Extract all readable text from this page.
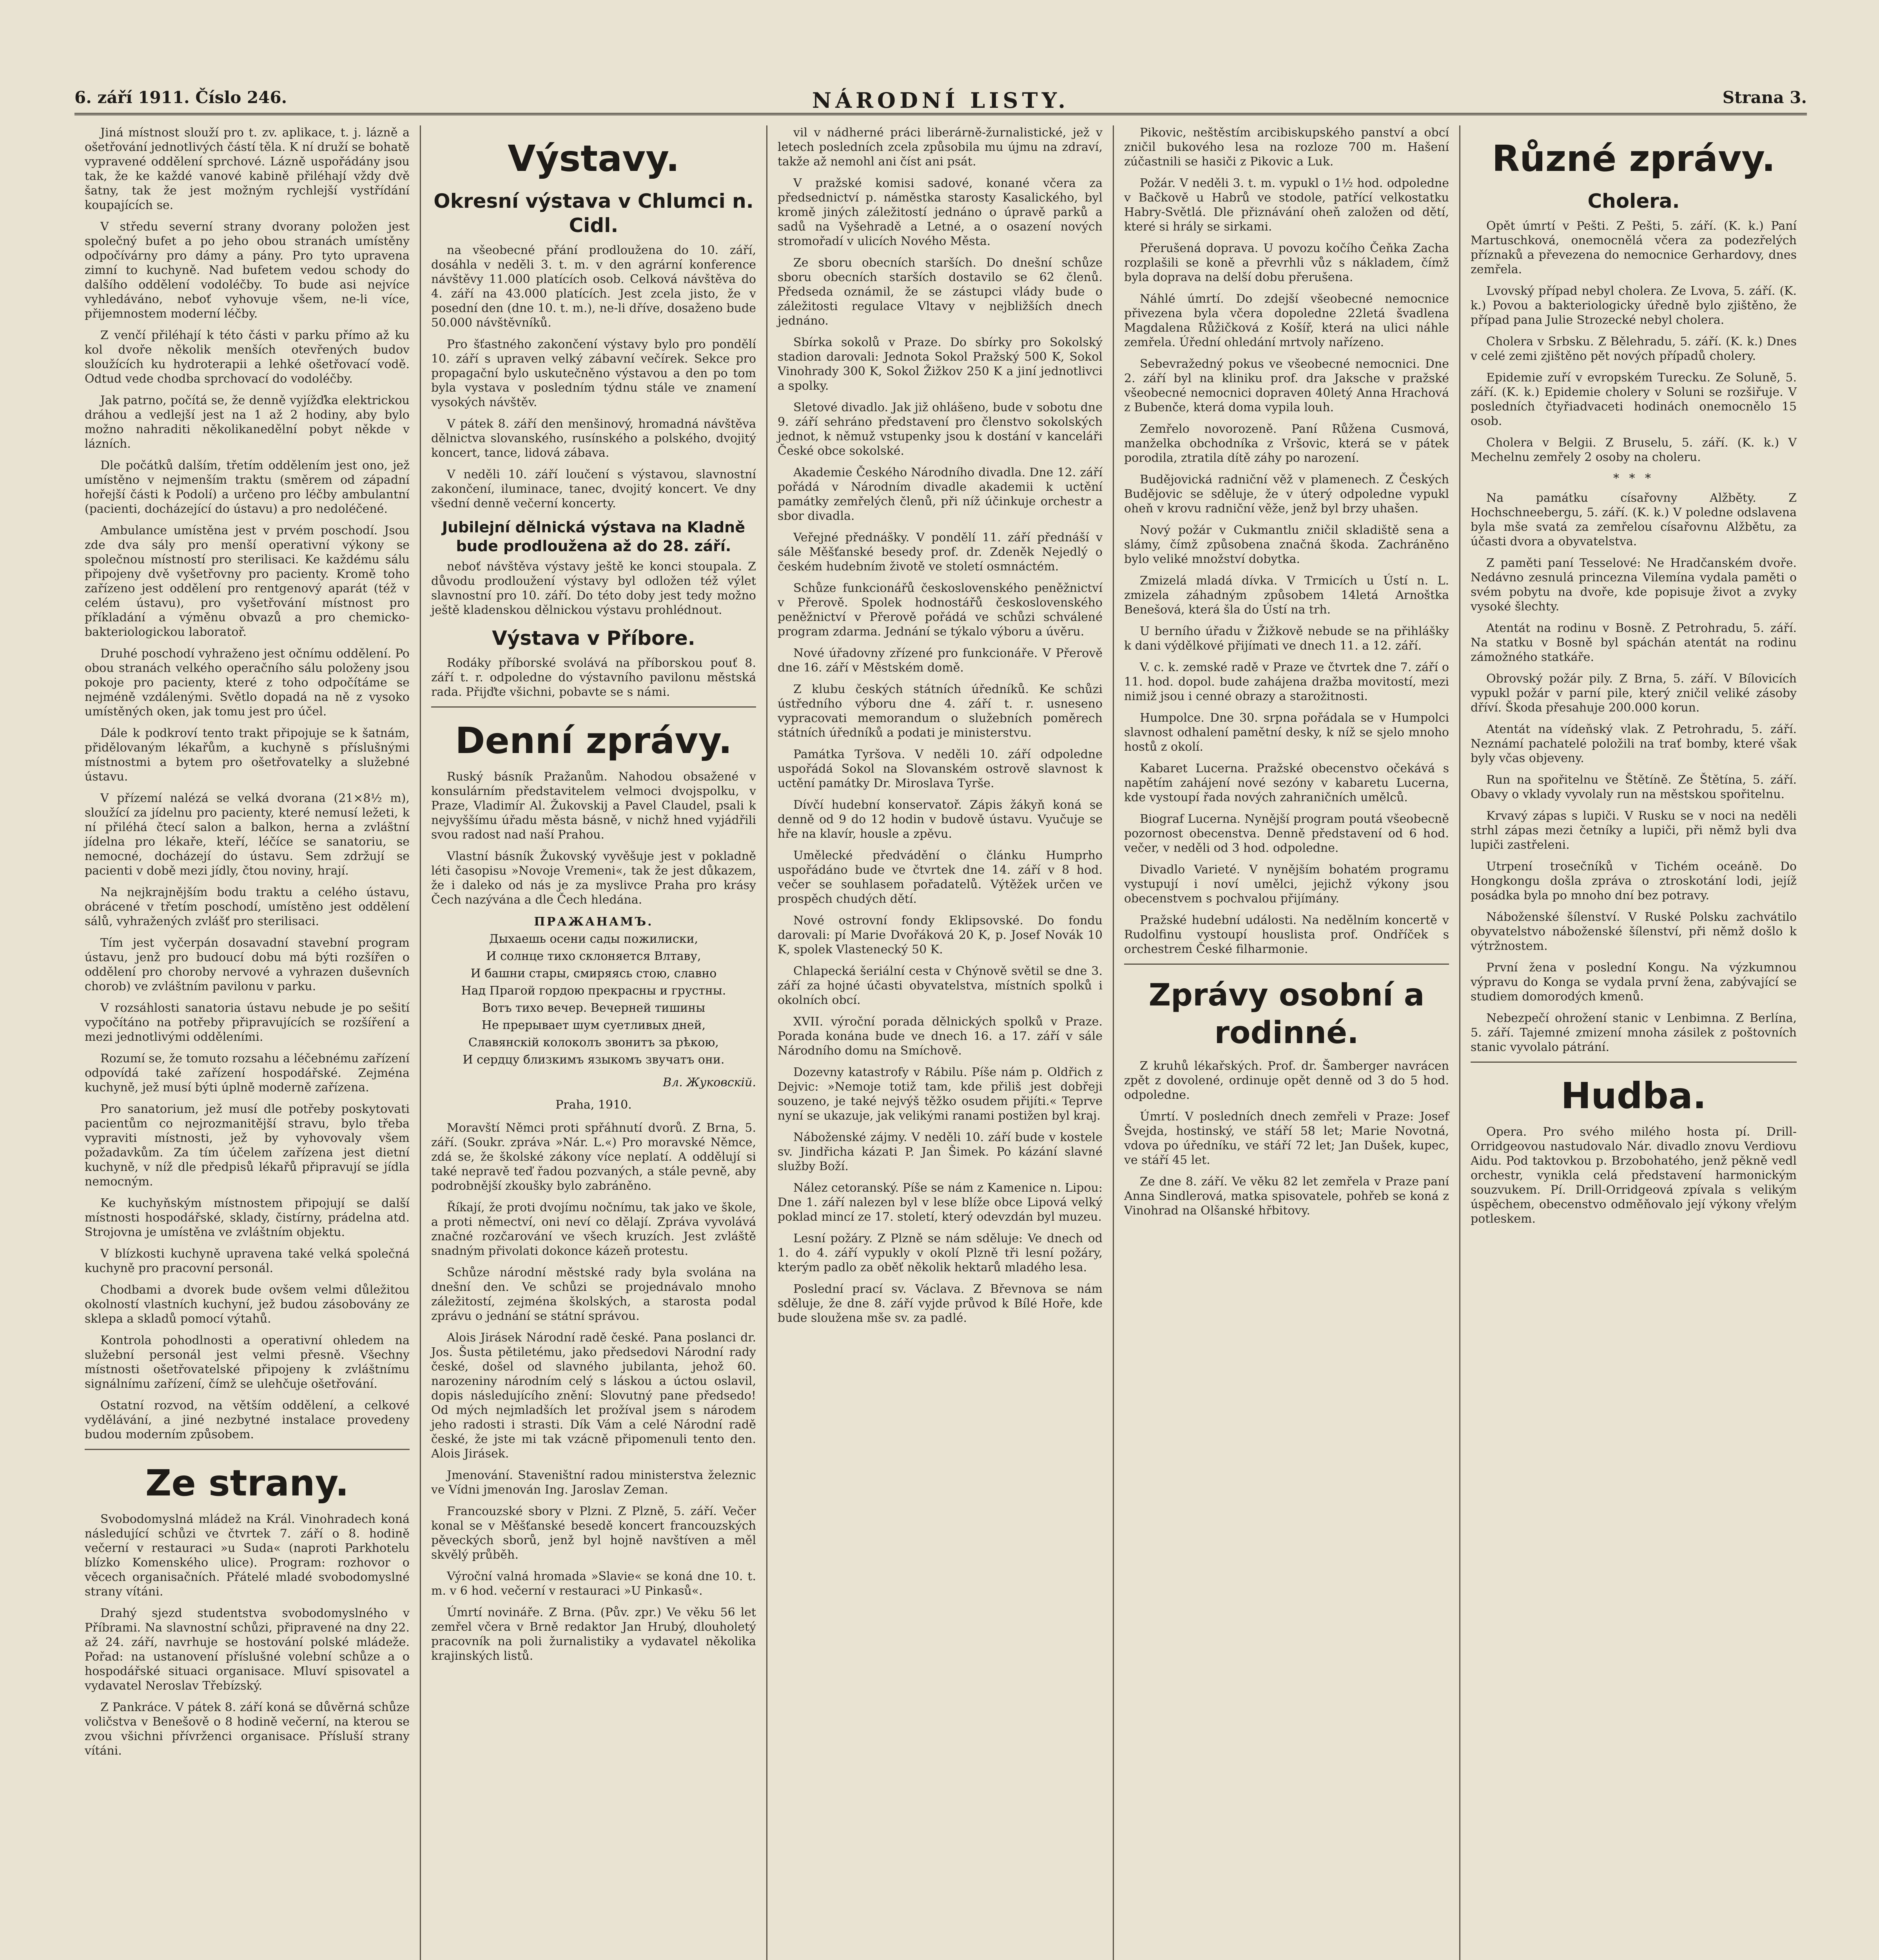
6. září 1911. Číslo 246.	NÁRODNÍ LISTY.	Strana 3.

Jiná místnost slouží pro t. zv. aplikace, t. j. lázně a ošetřování jednotlivých částí těla. K ní druží se bohatě vypravené oddělení sprchové. Lázně uspořádány jsou tak, že ke každé vanové kabině přiléhají vždy dvě šatny, tak že jest možným rychlejší vystřídání koupajících se.

V středu severní strany dvorany položen jest společný bufet a po jeho obou stranách umístěny odpočívárny pro dámy a pány. Pro tyto upravena zimní to kuchyně. Nad bufetem vedou schody do dalšího oddělení vodoléčby. To bude asi nejvíce vyhledáváno, neboť vyhovuje všem, ne-li více, přijemnostem moderní léčby.

Z venčí přiléhají k této části v parku přímo až ku kol dvoře několik menších otevřených budov sloužících ku hydroterapii a lehké ošetřovací vodě. Odtud vede chodba sprchovací do vodoléčby.

Jak patrno, počítá se, že denně vyjížďka elektrickou dráhou a vedlejší jest na 1 až 2 hodiny, aby bylo možno nahraditi několikanedělní pobyt někde v lázních.

Dle počátků dalším, třetím oddělením jest ono, jež umístěno v nejmenším traktu (směrem od západní hořejší části k Podolí) a určeno pro léčby ambulantní (pacienti, docházející do ústavu) a pro nedoléčené.

Ambulance umístěna jest v prvém poschodí. Jsou zde dva sály pro menší operativní výkony se společnou místností pro sterilisaci. Ke každému sálu připojeny dvě vyšetřovny pro pacienty. Kromě toho zařízeno jest oddělení pro rentgenový aparát (též v celém ústavu), pro vyšetřování místnost pro příkladání a výměnu obvazů a pro chemicko-bakteriologickou laboratoř.

Druhé poschodí vyhraženo jest očnímu oddělení. Po obou stranách velkého operačního sálu položeny jsou pokoje pro pacienty, které z toho odpočítáme se nejméně vzdálenými. Světlo dopadá na ně z vysoko umístěných oken, jak tomu jest pro účel.

Dále k podkroví tento trakt připojuje se k šatnám, přidělovaným lékařům, a kuchyně s příslušnými místnostmi a bytem pro ošetřovatelky a služebné ústavu.

V přízemí nalézá se velká dvorana (21×8½ m), sloužící za jídelnu pro pacienty, které nemusí ležeti, k ní přiléhá čtecí salon a balkon, herna a zvláštní jídelna pro lékaře, kteří, léčíce se sanatoriu, se nemocné, docházejí do ústavu. Sem zdržují se pacienti v době mezi jídly, čtou noviny, hrají.

Na nejkrajnějším bodu traktu a celého ústavu, obrácené v třetím poschodí, umístěno jest oddělení sálů, vyhražených zvlášť pro sterilisaci.

Tím jest vyčerpán dosavadní stavební program ústavu, jenž pro budoucí dobu má býti rozšířen o oddělení pro choroby nervové a vyhrazen duševních chorob) ve zvláštním pavilonu v parku.

V rozsáhlosti sanatoria ústavu nebude je po sešití vypočítáno na potřeby připravujících se rozšíření a mezi jednotlivými odděleními.

Rozumí se, že tomuto rozsahu a léčebnému zařízení odpovídá také zařízení hospodářské. Zejména kuchyně, jež musí býti úplně moderně zařízena.

Pro sanatorium, jež musí dle potřeby poskytovati pacientům co nejrozmanitější stravu, bylo třeba vypraviti místnosti, jež by vyhovovaly všem požadavkům. Za tím účelem zařízena jest dietní kuchyně, v níž dle předpisů lékařů připravují se jídla nemocným.

Ke kuchyňským místnostem připojují se další místnosti hospodářské, sklady, čistírny, prádelna atd. Strojovna je umístěna ve zvláštním objektu.

V blízkosti kuchyně upravena také velká společná kuchyně pro pracovní personál.

Chodbami a dvorek bude ovšem velmi důležitou okolností vlastních kuchyní, jež budou zásobovány ze sklepa a skladů pomocí výtahů.

Kontrola pohodlnosti a operativní ohledem na služební personál jest velmi přesně. Všechny místnosti ošetřovatelské připojeny k zvláštnímu signálnímu zařízení, čímž se ulehčuje ošetřování.

Ostatní rozvod, na větším oddělení, a celkové vydělávání, a jiné nezbytné instalace provedeny budou moderním způsobem.

Ze strany.

Svobodomyslná mládež na Král. Vinohradech koná následující schůzi ve čtvrtek 7. září o 8. hodině večerní v restauraci »u Suda« (naproti Parkhotelu blízko Komenského ulice). Program: rozhovor o věcech organisačních. Přátelé mladé svobodomyslné strany vítáni.

Drahý sjezd studentstva svobodomyslného v Příbrami. Na slavnostní schůzi, připravené na dny 22. až 24. září, navrhuje se hostování polské mládeže. Pořad: na ustanovení příslušné volební schůze a o hospodářské situaci organisace. Mluví spisovatel a vydavatel Neroslav Třebízský.

Z Pankráce. V pátek 8. září koná se důvěrná schůze voličstva v Benešově o 8 hodině večerní, na kterou se zvou všichni přívrženci organisace. Přísluší strany vítáni.

Výstavy.
Okresní výstava v Chlumci n. Cidl.

na všeobecné přání prodloužena do 10. září, dosáhla v neděli 3. t. m. v den agrární konference návštěvy 11.000 platících osob. Celková návštěva do 4. září na 43.000 platících. Jest zcela jisto, že v posední den (dne 10. t. m.), ne-li dříve, dosaženo bude 50.000 návštěvníků.

Pro šťastného zakončení výstavy bylo pro pondělí 10. září s upraven velký zábavní večírek. Sekce pro propagační bylo uskutečněno výstavou a den po tom byla vystava v posledním týdnu stále ve znamení vysokých návštěv.

V pátek 8. září den menšinový, hromadná návštěva dělnictva slovanského, rusínského a polského, dvojitý koncert, tance, lidová zábava.

V neděli 10. září loučení s výstavou, slavnostní zakončení, iluminace, tanec, dvojitý koncert. Ve dny všední denně večerní koncerty.

Jubilejní dělnická výstava na Kladně bude prodloužena až do 28. září.

neboť návštěva výstavy ještě ke konci stoupala. Z důvodu prodloužení výstavy byl odložen též výlet slavnostní pro 10. září. Do této doby jest tedy možno ještě kladenskou dělnickou výstavu prohlédnout.

Výstava v Příbore.

Rodáky příborské svolává na příborskou pouť 8. září t. r. odpoledne do výstavního pavilonu městská rada. Přijďte všichni, pobavte se s námi.

Denní zprávy.

Ruský básník Pražanům. Nahodou obsažené v konsulárním představitelem velmoci dvojspolku, v Praze, Vladimír Al. Žukovskij a Pavel Claudel, psali k nejvyššímu úřadu města básně, v nichž hned vyjádřili svou radost nad naší Prahou.

Vlastní básník Žukovský vyvěšuje jest v pokladně léti časopisu »Novoje Vremeni«, tak že jest důkazem, že i daleko od nás je za myslivce Praha pro krásy Čech nazývána a dle Čech hledána.

ПРАЖАНАМЪ.
Дыхаешь осени сады пожилиски,
И солнце тихо склоняется Влтаву,
И башни стары, смиряясь стою, славно
Над Прагой гордою прекрасны и грустны.
Вотъ тихо вечер. Вечерней тишины
Не прерывает шум суетливых дней,
Славянскій колоколъ звонитъ за рѣкою,
И сердцу близкимъ языкомъ звучатъ они.
Вл. Жуковскій.
Praha, 1910.

Moravští Němci proti spřáhnutí dvorů. Z Brna, 5. září. (Soukr. zpráva »Nár. L.«) Pro moravské Němce, zdá se, že školské zákony více neplatí. A oddělují si také nepravě teď řadou pozvaných, a stále pevně, aby podrobnější zkoušky bylo zabráněno.

Říkají, že proti dvojímu nočnímu, tak jako ve škole, a proti němectví, oni neví co dělají. Zpráva vyvolává značné rozčarování ve všech kruzích. Jest zvláště snadným přivolati dokonce kázeň protestu.

Schůze národní městské rady byla svolána na dnešní den. Ve schůzi se projednávalo mnoho záležitostí, zejména školských, a starosta podal zprávu o jednání se státní správou.

Alois Jirásek Národní radě české. Pana poslanci dr. Jos. Šusta pětiletému, jako předsedovi Národní rady české, došel od slavného jubilanta, jehož 60. narozeniny národním celý s láskou a úctou oslavil, dopis následujícího znění: Slovutný pane předsedo! Od mých nejmladších let prožíval jsem s národem jeho radosti i strasti. Dík Vám a celé Národní radě české, že jste mi tak vzácně připomenuli tento den. Alois Jirásek.

Jmenování. Staveništní radou ministerstva železnic ve Vídni jmenován Ing. Jaroslav Zeman.

Francouzské sbory v Plzni. Z Plzně, 5. září. Večer konal se v Měšťanské besedě koncert francouzských pěveckých sborů, jenž byl hojně navštíven a měl skvělý průběh.

Výroční valná hromada »Slavie« se koná dne 10. t. m. v 6 hod. večerní v restauraci »U Pinkasů«.

Úmrtí novináře. Z Brna. (Pův. zpr.) Ve věku 56 let zemřel včera v Brně redaktor Jan Hrubý, dlouholetý pracovník na poli žurnalistiky a vydavatel několika krajinských listů.

vil v nádherné práci liberárně-žurnalistické, jež v letech posledních zcela způsobila mu újmu na zdraví, takže až nemohl ani číst ani psát.

V pražské komisi sadové, konané včera za předsednictví p. náměstka starosty Kasalického, byl kromě jiných záležitostí jednáno o úpravě parků a sadů na Vyšehradě a Letné, a o osazení nových stromořadí v ulicích Nového Města.

Ze sboru obecních starších. Do dnešní schůze sboru obecních starších dostavilo se 62 členů. Předseda oznámil, že se zástupci vlády bude o záležitosti regulace Vltavy v nejbližších dnech jednáno.

Sbírka sokolů v Praze. Do sbírky pro Sokolský stadion darovali: Jednota Sokol Pražský 500 K, Sokol Vinohrady 300 K, Sokol Žižkov 250 K a jiní jednotlivci a spolky.

Sletové divadlo. Jak již ohlášeno, bude v sobotu dne 9. září sehráno představení pro členstvo sokolských jednot, k němuž vstupenky jsou k dostání v kanceláři České obce sokolské.

Akademie Českého Národního divadla. Dne 12. září pořádá v Národním divadle akademii k uctění památky zemřelých členů, při níž účinkuje orchestr a sbor divadla.

Veřejné přednášky. V pondělí 11. září přednáší v sále Měšťanské besedy prof. dr. Zdeněk Nejedlý o českém hudebním životě ve století osmnáctém.

Schůze funkcionářů československého peněžnictví v Přerově. Spolek hodnostářů československého peněžnictví v Přerově pořádá ve schůzi schválené program zdarma. Jednání se týkalo výboru a úvěru.

Nové úřadovny zřízené pro funkcionáře. V Přerově dne 16. září v Městském domě.

Z klubu českých státních úředníků. Ke schůzi ústředního výboru dne 4. září t. r. usneseno vypracovati memorandum o služebních poměrech státních úředníků a podati je ministerstvu.

Památka Tyršova. V neděli 10. září odpoledne uspořádá Sokol na Slovanském ostrově slavnost k uctění památky Dr. Miroslava Tyrše.

Dívčí hudební konservatoř. Zápis žákyň koná se denně od 9 do 12 hodin v budově ústavu. Vyučuje se hře na klavír, housle a zpěvu.

Umělecké předvádění o článku Humprho uspořádáno bude ve čtvrtek dne 14. září v 8 hod. večer se souhlasem pořadatelů. Výtěžek určen ve prospěch chudých dětí.

Nové ostrovní fondy Eklipsovské. Do fondu darovali: pí Marie Dvořáková 20 K, p. Josef Novák 10 K, spolek Vlastenecký 50 K.

Chlapecká šeriální cesta v Chýnově světil se dne 3. září za hojné účasti obyvatelstva, místních spolků i okolních obcí.

XVII. výroční porada dělnických spolků v Praze. Porada konána bude ve dnech 16. a 17. září v sále Národního domu na Smíchově.

Dozevny katastrofy v Rábilu. Píše nám p. Oldřich z Dejvic: »Nemoje totiž tam, kde přiliš jest dobřeji souzeno, je také nejvýš těžko osudem přijíti.« Teprve nyní se ukazuje, jak velikými ranami postižen byl kraj.

Náboženské zájmy. V neděli 10. září bude v kostele sv. Jindřicha kázati P. Jan Šimek. Po kázání slavné služby Boží.

Nález cetoranský. Píše se nám z Kamenice n. Lipou: Dne 1. září nalezen byl v lese blíže obce Lipová velký poklad mincí ze 17. století, který odevzdán byl muzeu.

Lesní požáry. Z Plzně se nám sděluje: Ve dnech od 1. do 4. září vypukly v okolí Plzně tři lesní požáry, kterým padlo za oběť několik hektarů mladého lesa.

Poslední prací sv. Václava. Z Břevnova se nám sděluje, že dne 8. září vyjde průvod k Bílé Hoře, kde bude sloužena mše sv. za padlé.

Pikovic, neštěstím arcibiskupského panství a obcí zničil bukového lesa na rozloze 700 m. Hašení zúčastnili se hasiči z Pikovic a Luk.

Požár. V neděli 3. t. m. vypukl o 1½ hod. odpoledne v Bačkově u Habrů ve stodole, patřící velkostatku Habry-Světlá. Dle přiznávání oheň založen od dětí, které si hrály se sirkami.

Přerušená doprava. U povozu kočího Čeňka Zacha rozplašili se koně a převrhli vůz s nákladem, čímž byla doprava na delší dobu přerušena.

Náhlé úmrtí. Do zdejší všeobecné nemocnice přivezena byla včera dopoledne 22letá švadlena Magdalena Růžičková z Košíř, která na ulici náhle zemřela. Úřední ohledání mrtvoly nařízeno.

Sebevražedný pokus ve všeobecné nemocnici. Dne 2. září byl na kliniku prof. dra Jaksche v pražské všeobecné nemocnici dopraven 40letý Anna Hrachová z Bubenče, která doma vypila louh.

Zemřelo novorozeně. Paní Růžena Cusmová, manželka obchodníka z Vršovic, která se v pátek porodila, ztratila dítě záhy po narození.

Budějovická radniční věž v plamenech. Z Českých Budějovic se sděluje, že v úterý odpoledne vypukl oheň v krovu radniční věže, jenž byl brzy uhašen.

Nový požár v Cukmantlu zničil skladiště sena a slámy, čímž způsobena značná škoda. Zachráněno bylo veliké množství dobytka.

Zmizelá mladá dívka. V Trmicích u Ústí n. L. zmizela záhadným způsobem 14letá Arnoštka Benešová, která šla do Ústí na trh.

U berního úřadu v Žižkově nebude se na přihlášky k dani výdělkové přijímati ve dnech 11. a 12. září.

V. c. k. zemské radě v Praze ve čtvrtek dne 7. září o 11. hod. dopol. bude zahájena dražba movitostí, mezi nimiž jsou i cenné obrazy a starožitnosti.

Humpolce. Dne 30. srpna pořádala se v Humpolci slavnost odhalení pamětní desky, k níž se sjelo mnoho hostů z okolí.

Kabaret Lucerna. Pražské obecenstvo očekává s napětím zahájení nové sezóny v kabaretu Lucerna, kde vystoupí řada nových zahraničních umělců.

Biograf Lucerna. Nynější program poutá všeobecně pozornost obecenstva. Denně představení od 6 hod. večer, v neděli od 3 hod. odpoledne.

Divadlo Varieté. V nynějším bohatém programu vystupují i noví umělci, jejichž výkony jsou obecenstvem s pochvalou přijímány.

Pražské hudební události. Na nedělním koncertě v Rudolfinu vystoupí houslista prof. Ondříček s orchestrem České filharmonie.

Zprávy osobní a rodinné.

Z kruhů lékařských. Prof. dr. Šamberger navrácen zpět z dovolené, ordinuje opět denně od 3 do 5 hod. odpoledne.

Úmrtí. V posledních dnech zemřeli v Praze: Josef Švejda, hostinský, ve stáří 58 let; Marie Novotná, vdova po úředníku, ve stáří 72 let; Jan Dušek, kupec, ve stáří 45 let.

Ze dne 8. září. Ve věku 82 let zemřela v Praze paní Anna Sindlerová, matka spisovatele, pohřeb se koná z Vinohrad na Olšanské hřbitovy.

Různé zprávy.
Cholera.

Opět úmrtí v Pešti. Z Pešti, 5. září. (K. k.) Paní Martuschková, onemocnělá včera za podezřelých příznaků a převezena do nemocnice Gerhardovy, dnes zemřela.

Lvovský případ nebyl cholera. Ze Lvova, 5. září. (K. k.) Povou a bakteriologicky úředně bylo zjištěno, že případ pana Julie Strozecké nebyl cholera.

Cholera v Srbsku. Z Bělehradu, 5. září. (K. k.) Dnes v celé zemi zjištěno pět nových případů cholery.

Epidemie zuří v evropském Turecku. Ze Soluně, 5. září. (K. k.) Epidemie cholery v Soluni se rozšiřuje. V posledních čtyřiadvaceti hodinách onemocnělo 15 osob.

Cholera v Belgii. Z Bruselu, 5. září. (K. k.) V Mechelnu zemřely 2 osoby na choleru.

* * *

Na památku císařovny Alžběty. Z Hochschneebergu, 5. září. (K. k.) V poledne odslavena byla mše svatá za zemřelou císařovnu Alžbětu, za účasti dvora a obyvatelstva.

Z paměti paní Tesselové: Ne Hradčanském dvoře. Nedávno zesnulá princezna Vilemína vydala paměti o svém pobytu na dvoře, kde popisuje život a zvyky vysoké šlechty.

Atentát na rodinu v Bosně. Z Petrohradu, 5. září. Na statku v Bosně byl spáchán atentát na rodinu zámožného statkáře.

Obrovský požár pily. Z Brna, 5. září. V Bílovicích vypukl požár v parní pile, který zničil veliké zásoby dříví. Škoda přesahuje 200.000 korun.

Atentát na vídeňský vlak. Z Petrohradu, 5. září. Neznámí pachatelé položili na trať bomby, které však byly včas objeveny.

Run na spořitelnu ve Štětíně. Ze Štětína, 5. září. Obavy o vklady vyvolaly run na městskou spořitelnu.

Krvavý zápas s lupiči. V Rusku se v noci na neděli strhl zápas mezi četníky a lupiči, při němž byli dva lupiči zastřeleni.

Utrpení trosečníků v Tichém oceáně. Do Hongkongu došla zpráva o ztroskotání lodi, jejíž posádka byla po mnoho dní bez potravy.

Náboženské šílenství. V Ruské Polsku zachvátilo obyvatelstvo náboženské šílenství, při němž došlo k výtržnostem.

První žena v poslední Kongu. Na výzkumnou výpravu do Konga se vydala první žena, zabývající se studiem domorodých kmenů.

Nebezpečí ohrožení stanic v Lenbimna. Z Berlína, 5. září. Tajemné zmizení mnoha zásilek z poštovních stanic vyvolalo pátrání.

Hudba.

Opera. Pro svého milého hosta pí. Drill-Orridgeovou nastudovalo Nár. divadlo znovu Verdiovu Aidu. Pod taktovkou p. Brzobohatého, jenž pěkně vedl orchestr, vynikla celá představení harmonickým souzvukem. Pí. Drill-Orridgeová zpívala s velikým úspěchem, obecenstvo odměňovalo její výkony vřelým potleskem.
